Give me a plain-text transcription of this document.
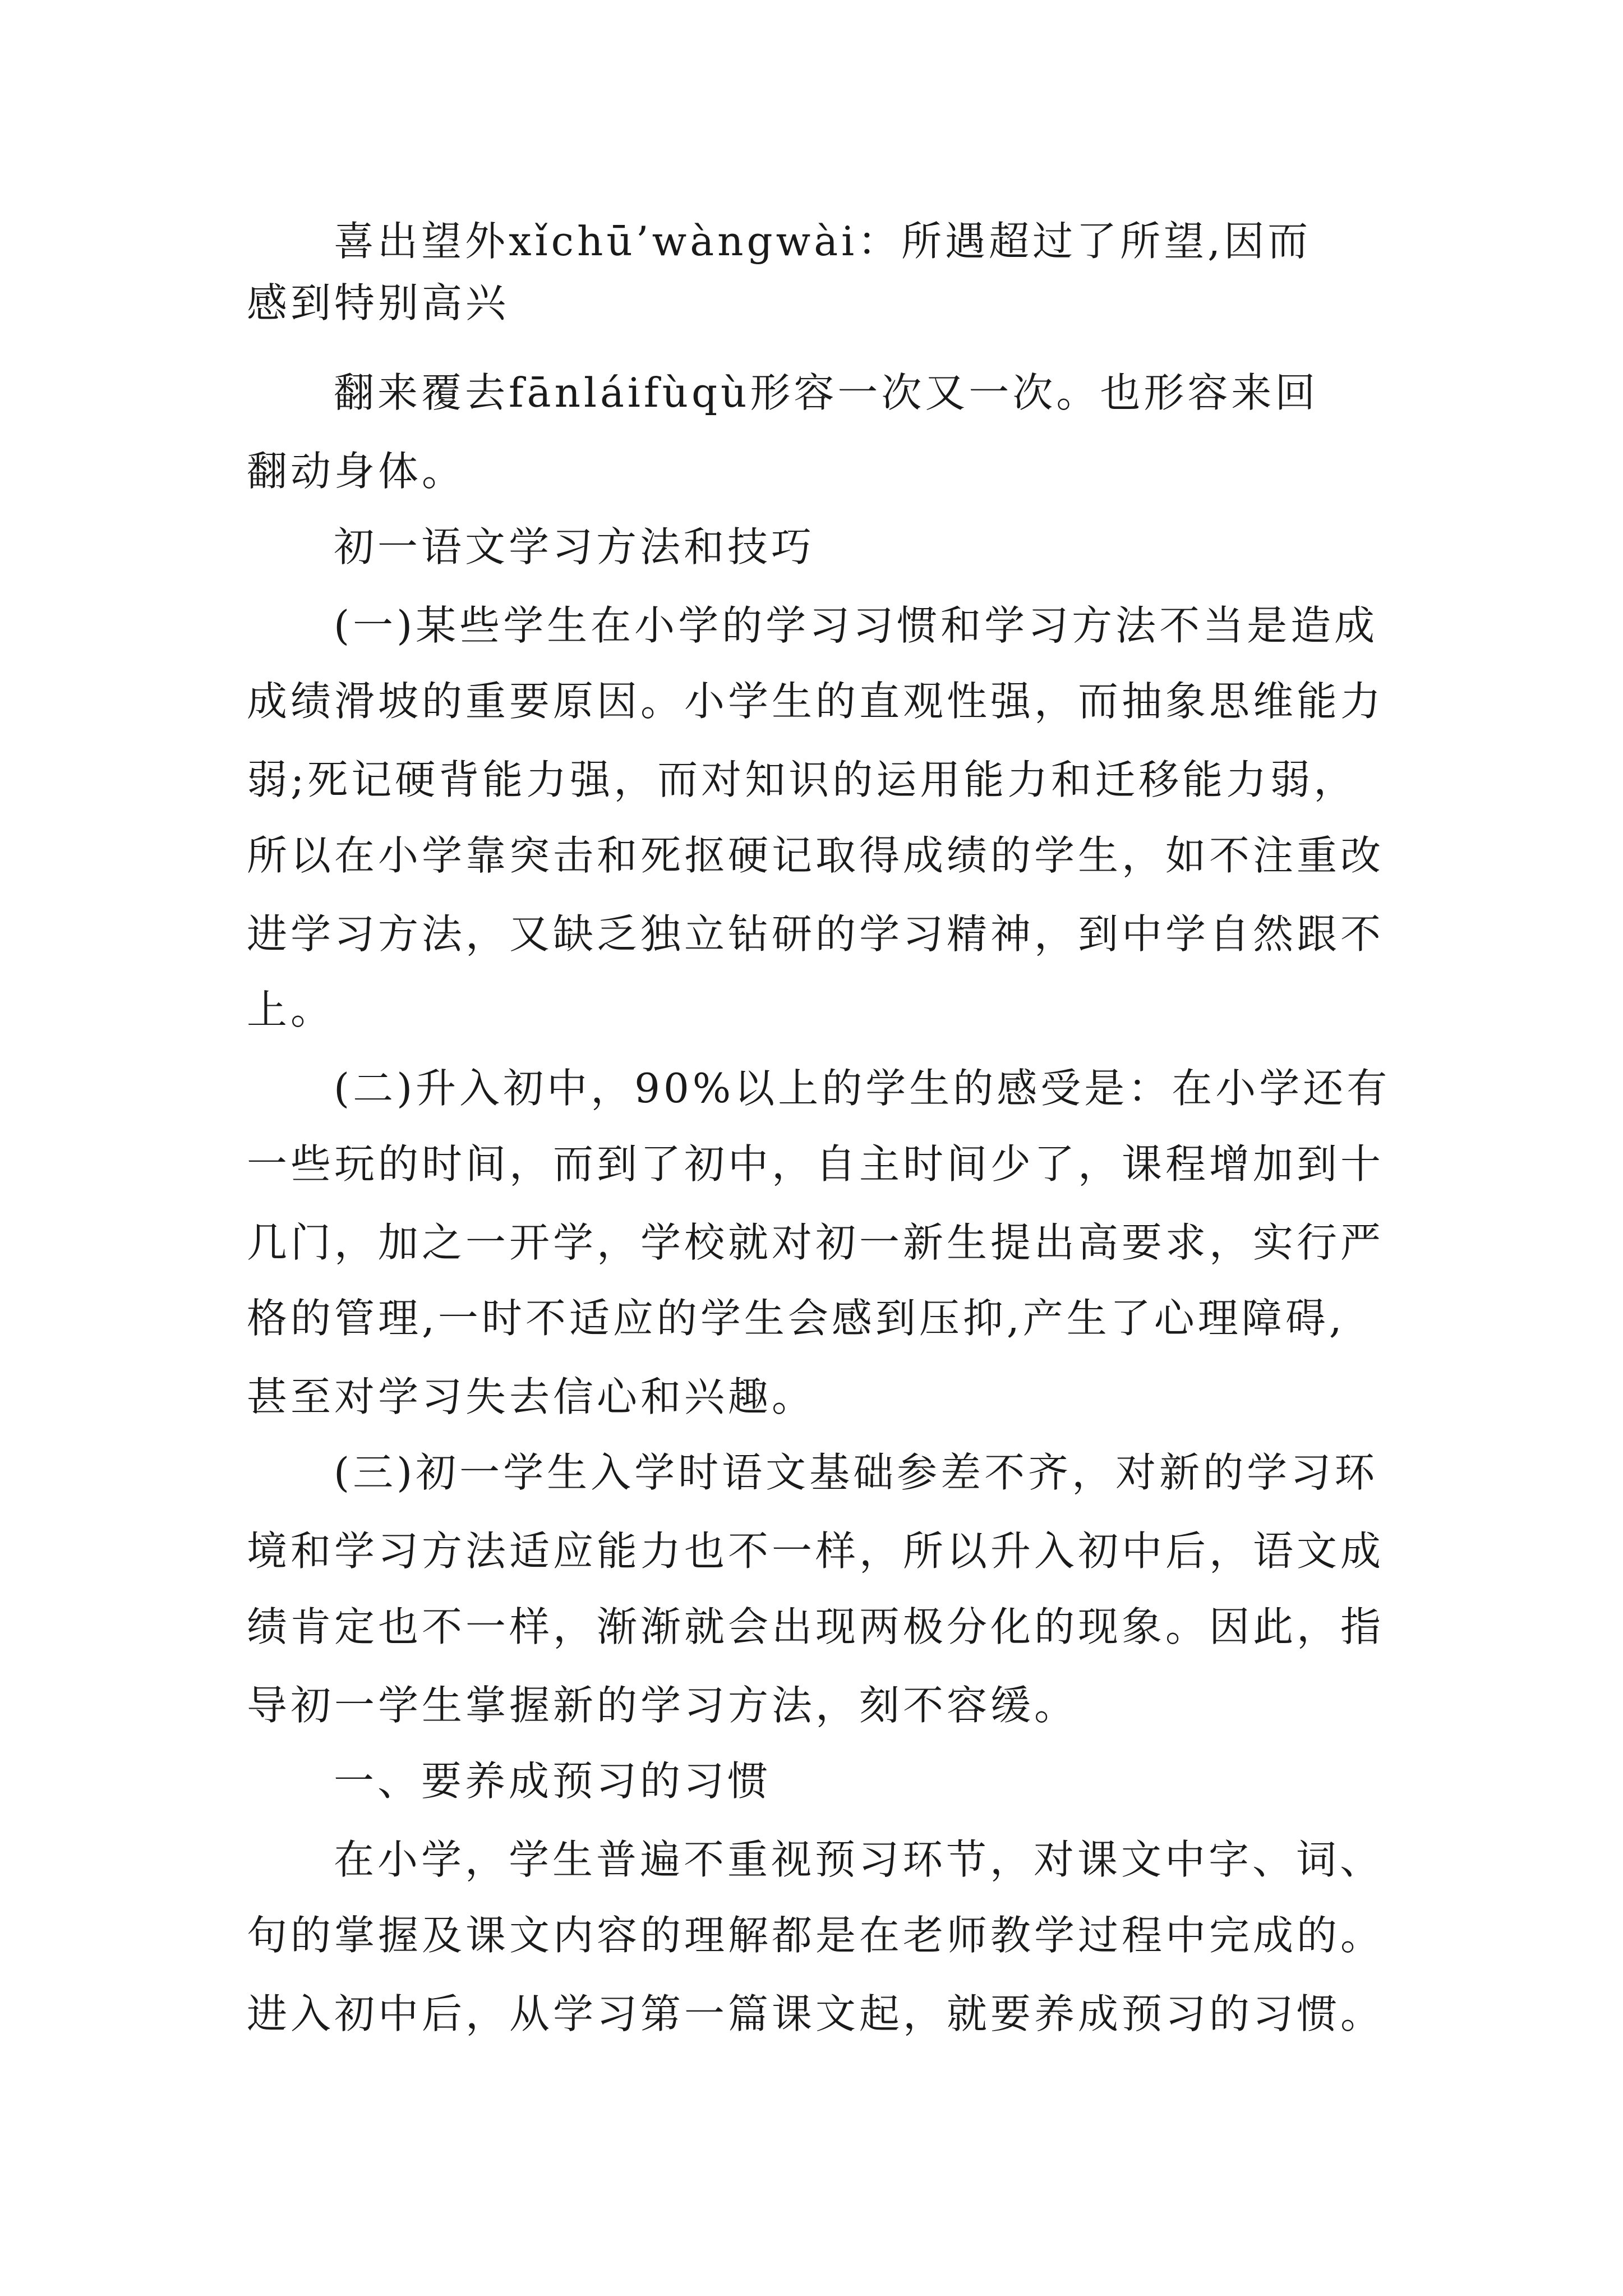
喜出望外xǐchū’wàngwài：所遇超过了所望,因而

感到特别高兴

翻来覆去fānláifùqù形容一次又一次。也形容来回

翻动身体。

初一语文学习方法和技巧

(一)某些学生在小学的学习习惯和学习方法不当是造成

成绩滑坡的重要原因。小学生的直观性强，而抽象思维能力

弱;死记硬背能力强，而对知识的运用能力和迁移能力弱，

所以在小学靠突击和死抠硬记取得成绩的学生，如不注重改

进学习方法，又缺乏独立钻研的学习精神，到中学自然跟不

上。

(二)升入初中，90%以上的学生的感受是：在小学还有

一些玩的时间，而到了初中，自主时间少了，课程增加到十

几门，加之一开学，学校就对初一新生提出高要求，实行严

格的管理,一时不适应的学生会感到压抑,产生了心理障碍,

甚至对学习失去信心和兴趣。

(三)初一学生入学时语文基础参差不齐，对新的学习环

境和学习方法适应能力也不一样，所以升入初中后，语文成

绩肯定也不一样，渐渐就会出现两极分化的现象。因此，指

导初一学生掌握新的学习方法，刻不容缓。

一、要养成预习的习惯

在小学，学生普遍不重视预习环节，对课文中字、词、

句的掌握及课文内容的理解都是在老师教学过程中完成的。

进入初中后，从学习第一篇课文起，就要养成预习的习惯。
